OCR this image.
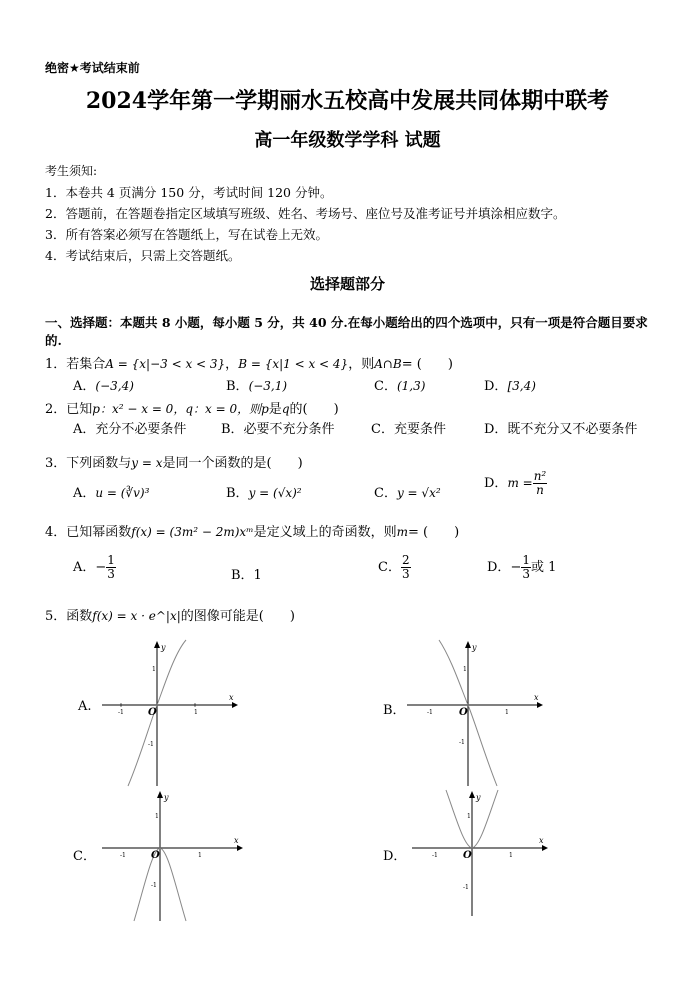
绝密★考试结束前
2024学年第一学期丽水五校高中发展共同体期中联考
高一年级数学学科 试题
考生须知:
1．本卷共 4 页满分 150 分，考试时间 120 分钟。
2．答题前，在答题卷指定区域填写班级、姓名、考场号、座位号及准考证号并填涂相应数字。
3．所有答案必须写在答题纸上，写在试卷上无效。
4．考试结束后，只需上交答题纸。
选择题部分
一、选择题：本题共 8 小题，每小题 5 分，共 40 分.在每小题给出的四个选项中，只有一项是符合题目要求的.
1．若集合A = {x|−3 < x < 3}，B = {x|1 < x < 4}，则A∩B= (　　)
A．(−3,4)	B．(−3,1)	C．(1,3)	D．[3,4)
2．已知p：x² − x = 0，q：x = 0，则p是q的(　　)
A．充分不必要条件	B．必要不充分条件	C．充要条件	D．既不充分又不必要条件
3．下列函数与y = x是同一个函数的是(　　)
A．u = (∛v)³	B．y = (√x)²	C．y = √x²
D．$m = \frac{\text{n²}}{n}$
4．已知幂函数f(x) = (3m² − 2m)xᵐ是定义域上的奇函数，则m= (　　)
A．− $\frac{1}{3}$	B．1
C． $\frac{2}{3}$	D．− $\frac{1}{3}$ 或 1
5．函数f(x) = x · e^|x|的图像可能是(　　)
A.	B．
C．	D．
x
y
O	1
-1
1
-1
x
y
O	1
-1
1
-1
x
y
O	1
-1
1
-1
x
y
O	1
-1
1
-1
